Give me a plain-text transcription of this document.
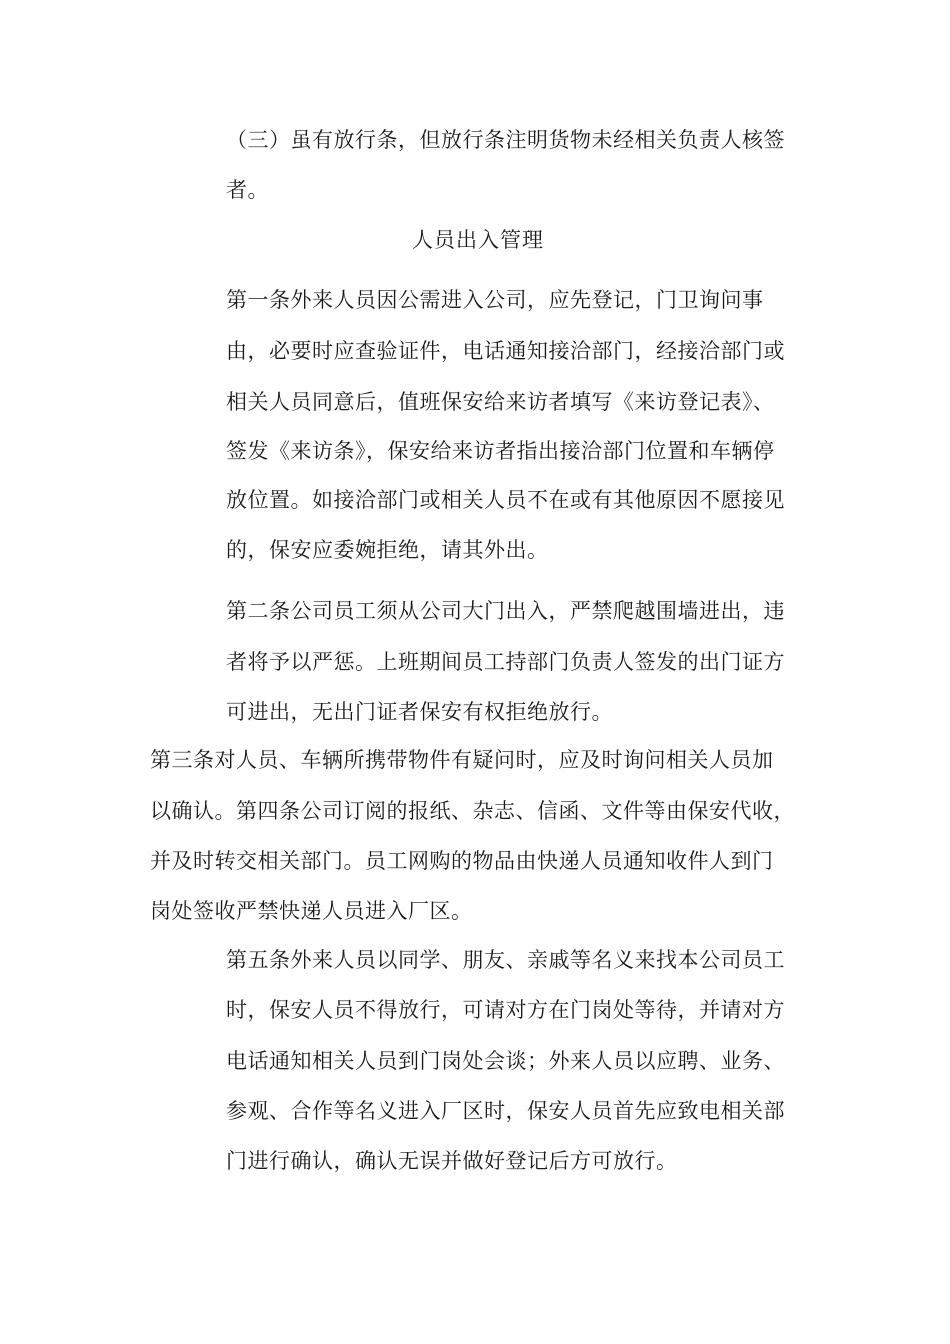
（三）虽有放行条，但放行条注明货物未经相关负责人核签
者。
人员出入管理
第一条外来人员因公需进入公司，应先登记，门卫询问事
由，必要时应查验证件，电话通知接洽部门，经接洽部门或
相关人员同意后，值班保安给来访者填写《来访登记表》、
签发《来访条》，保安给来访者指出接洽部门位置和车辆停
放位置。如接洽部门或相关人员不在或有其他原因不愿接见
的，保安应委婉拒绝，请其外出。
第二条公司员工须从公司大门出入，严禁爬越围墙进出，违
者将予以严惩。上班期间员工持部门负责人签发的出门证方
可进出，无出门证者保安有权拒绝放行。
第三条对人员、车辆所携带物件有疑问时，应及时询问相关人员加
以确认。第四条公司订阅的报纸、杂志、信函、文件等由保安代收，
并及时转交相关部门。员工网购的物品由快递人员通知收件人到门
岗处签收严禁快递人员进入厂区。
第五条外来人员以同学、朋友、亲戚等名义来找本公司员工
时，保安人员不得放行，可请对方在门岗处等待，并请对方
电话通知相关人员到门岗处会谈；外来人员以应聘、业务、
参观、合作等名义进入厂区时，保安人员首先应致电相关部
门进行确认，确认无误并做好登记后方可放行。
